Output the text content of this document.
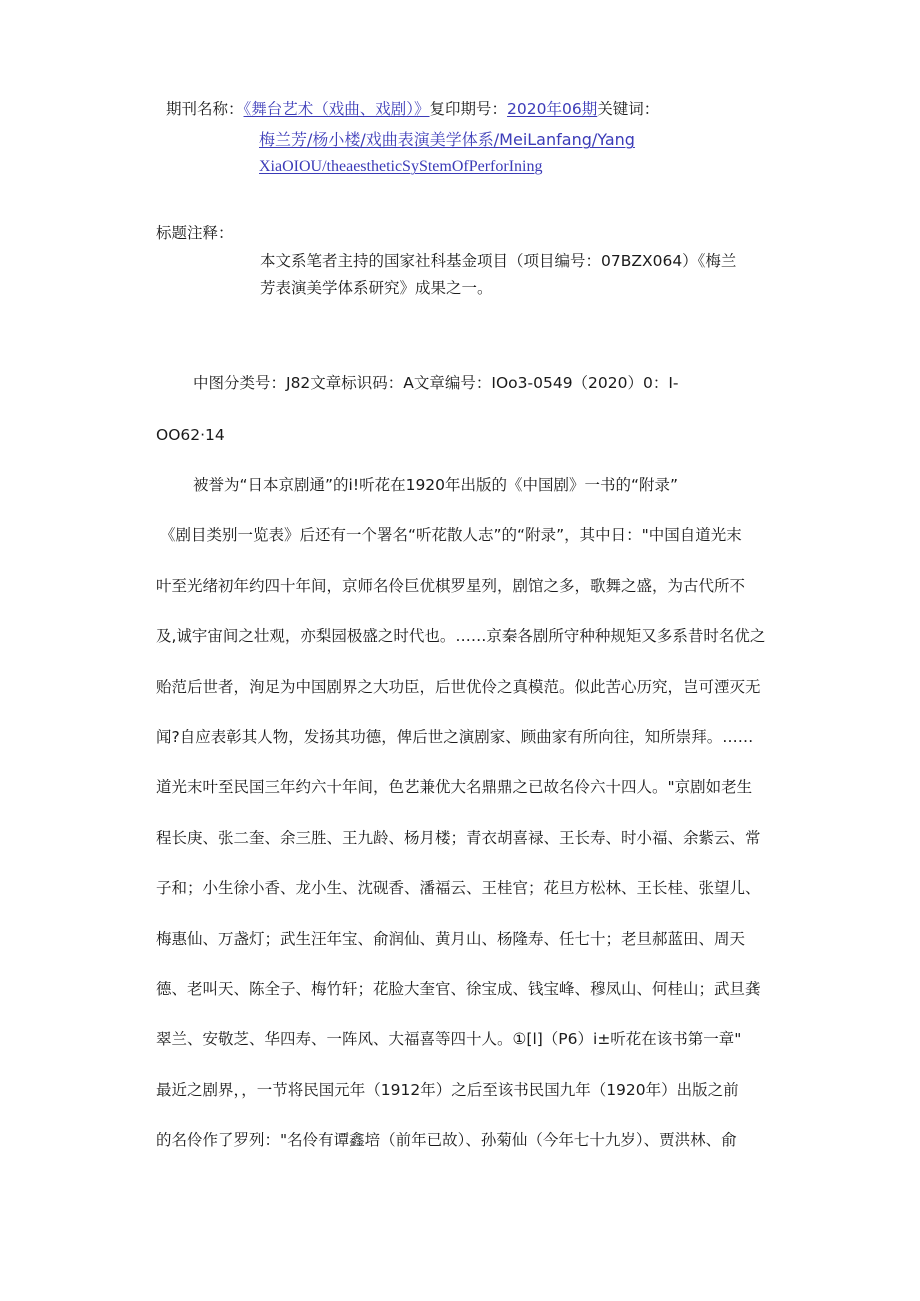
期刊名称：《舞台艺术（戏曲、戏剧）》复印期号：2020年06期关键词：
梅兰芳/杨小楼/戏曲表演美学体系/MeiLanfang/Yang
XiaOIOU/theaestheticSyStemOfPerforIning
标题注释：
本文系笔者主持的国家社科基金项目（项目编号：07BZX064）《梅兰
芳表演美学体系研究》成果之一。
中图分类号：J82文章标识码：A文章编号：IOo3-0549（2020）0：I-
OO62·14
被誉为“日本京剧通”的i!听花在1920年出版的《中国剧》一书的“附录”
《剧目类别一览表》后还有一个署名“听花散人志”的“附录”，其中日："中国自道光末
叶至光绪初年约四十年间，京师名伶巨优棋罗星列，剧馆之多，歌舞之盛，为古代所不
及,诚宇宙间之壮观，亦梨园极盛之时代也。……京秦各剧所守种种规矩又多系昔时名优之
贻范后世者，洵足为中国剧界之大功臣，后世优伶之真模范。似此苦心历究，岂可湮灭无
闻?自应表彰其人物，发扬其功德，俾后世之演剧家、顾曲家有所向往，知所崇拜。……
道光末叶至民国三年约六十年间，色艺兼优大名鼎鼎之已故名伶六十四人。"京剧如老生
程长庚、张二奎、余三胜、王九龄、杨月楼；青衣胡喜禄、王长寿、时小福、余紫云、常
子和；小生徐小香、龙小生、沈砚香、潘福云、王桂官；花旦方松林、王长桂、张望儿、
梅惠仙、万盏灯；武生汪年宝、俞润仙、黄月山、杨隆寿、任七十；老旦郝蓝田、周天
德、老叫天、陈全子、梅竹轩；花脸大奎官、徐宝成、钱宝峰、穆凤山、何桂山；武旦龚
翠兰、安敬芝、华四寿、一阵风、大福喜等四十人。①[l]（P6）i±听花在该书第一章"
最近之剧界，，一节将民国元年（1912年）之后至该书民国九年（1920年）出版之前
的名伶作了罗列："名伶有谭鑫培（前年已故）、孙菊仙（今年七十九岁）、贾洪林、俞
